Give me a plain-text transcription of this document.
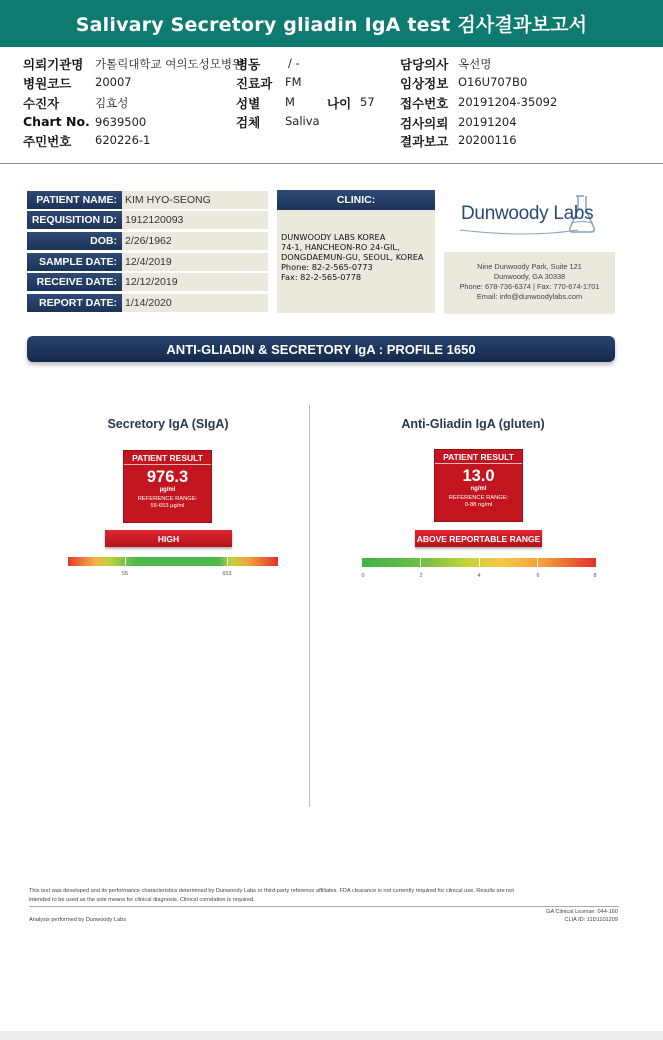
Salivary Secretory gliadin IgA test 검사결과보고서
의뢰기관명 가톨릭대학교 여의도성모병원
병동 / -
병원코드 20007	진료과 FM
수진자	김효성	성별 M	나이 57
Chart No. 9639500	검체 Saliva
주민번호 620226-1
담당의사 옥선명
임상정보 O16U707B0
접수번호 20191204-35092
검사의뢰 20191204
결과보고 20200116
PATIENT NAME: KIM HYO-SEONG
REQUISITION ID: 1912120093
DOB: 2/26/1962
SAMPLE DATE: 12/4/2019
RECEIVE DATE: 12/12/2019
REPORT DATE: 1/14/2020
CLINIC:
DUNWOODY LABS KOREA
74-1, HANCHEON-RO 24-GIL,
DONGDAEMUN-GU, SEOUL, KOREA
Phone: 82-2-565-0773
Fax: 82-2-565-0778
Dunwoody Labs
Nine Dunwoody Park, Suite 121
Dunwoody, GA 30338
Phone: 678-736-6374 | Fax: 770-674-1701
Email: info@dunwoodylabs.com
ANTI-GLIADIN & SECRETORY IgA : PROFILE 1650
Secretory IgA (SIgA)
PATIENT RESULT
976.3
µg/ml
REFERENCE RANGE:
55-653 µg/ml
HIGH
55	653
Anti-Gliadin IgA (gluten)
PATIENT RESULT
13.0
ng/ml
REFERENCE RANGE:
0-88 ng/ml
ABOVE REPORTABLE RANGE
0	2	4	6	8
This test was developed and its performance characteristics determined by Dunwoody Labs or third-party reference affiliates. FDA clearance is not currently required for clinical use. Results are not
intended to be used as the sole means for clinical diagnosis. Clinical correlation is required.
Analysis performed by Dunwoody Labs
GA Clinical License: 044-160
CLIA ID: 11D1101209
